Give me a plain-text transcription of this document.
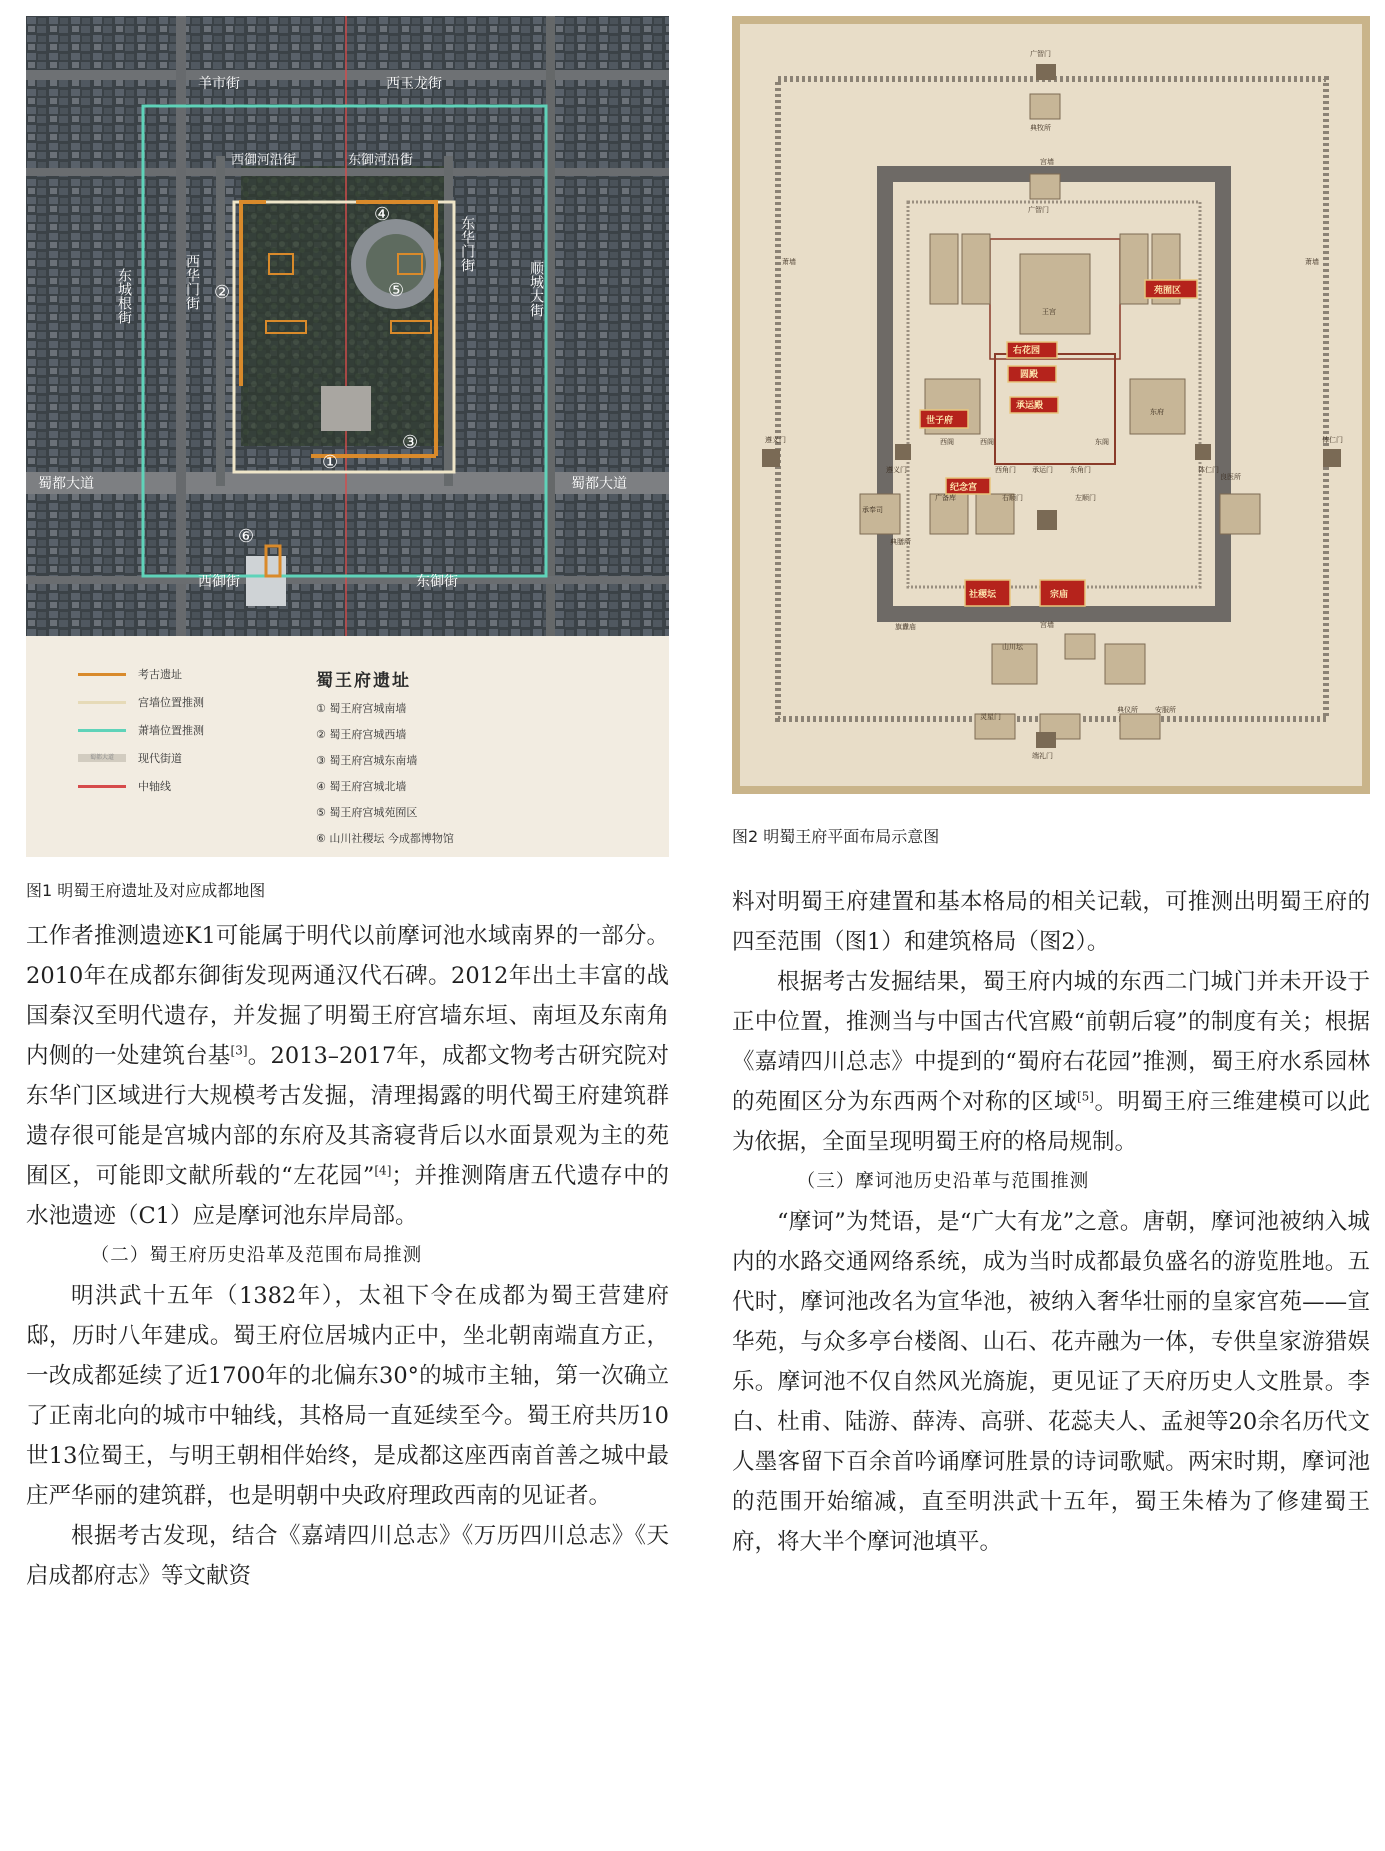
羊市街	西玉龙街
西御河沿街	东御河沿街
东城根街	西华门街
东华门街
顺城大街
蜀都大道	蜀都大道
西御街	东御街
①
②
③
④
⑤
⑥
考古遗址
宫墙位置推测
萧墙位置推测
蜀都大道	现代街道
中轴线
蜀王府遗址
① 蜀王府宫城南墙
② 蜀王府宫城西墙
③ 蜀王府宫城东南墙
④ 蜀王府宫城北墙
⑤ 蜀王府宫城苑囿区
⑥ 山川社稷坛 今成都博物馆
图1 明蜀王府遗址及对应成都地图
广智门
典牧所
广智门
王宫
西阁
东府
西阁	东阁
西角门 承运门 东角门
遵义门	体仁门
广备库	右顺门	左顺门
承奉司
典膳所
山川坛
旗纛庙
典仪所 安服所
灵星门
端礼门
遵义门	体仁门
良医所
萧墙	萧墙
宫墙
宫墙
右花园
圆殿
承运殿
世子府
纪念宫
苑囿区
社稷坛	宗庙
图2 明蜀王府平面布局示意图

工作者推测遗迹K1可能属于明代以前摩诃池水域南界的一部分。2010年在成都东御街发现两通汉代石碑。2012年出土丰富的战国秦汉至明代遗存，并发掘了明蜀王府宫墙东垣、南垣及东南角内侧的一处建筑台基[3]。2013–2017年，成都文物考古研究院对东华门区域进行大规模考古发掘，清理揭露的明代蜀王府建筑群遗存很可能是宫城内部的东府及其斋寝背后以水面景观为主的苑囿区，可能即文献所载的“左花园”[4]；并推测隋唐五代遗存中的水池遗迹（C1）应是摩诃池东岸局部。

（二）蜀王府历史沿革及范围布局推测

明洪武十五年（1382年），太祖下令在成都为蜀王营建府邸，历时八年建成。蜀王府位居城内正中，坐北朝南端直方正，一改成都延续了近1700年的北偏东30°的城市主轴，第一次确立了正南北向的城市中轴线，其格局一直延续至今。蜀王府共历10世13位蜀王，与明王朝相伴始终，是成都这座西南首善之城中最庄严华丽的建筑群，也是明朝中央政府理政西南的见证者。

根据考古发现，结合《嘉靖四川总志》《万历四川总志》《天启成都府志》等文献资

料对明蜀王府建置和基本格局的相关记载，可推测出明蜀王府的四至范围（图1）和建筑格局（图2）。

根据考古发掘结果，蜀王府内城的东西二门城门并未开设于正中位置，推测当与中国古代宫殿“前朝后寝”的制度有关；根据《嘉靖四川总志》中提到的“蜀府右花园”推测，蜀王府水系园林的苑囿区分为东西两个对称的区域[5]。明蜀王府三维建模可以此为依据，全面呈现明蜀王府的格局规制。

（三）摩诃池历史沿革与范围推测

“摩诃”为梵语，是“广大有龙”之意。唐朝，摩诃池被纳入城内的水路交通网络系统，成为当时成都最负盛名的游览胜地。五代时，摩诃池改名为宣华池，被纳入奢华壮丽的皇家宫苑——宣华苑，与众多亭台楼阁、山石、花卉融为一体，专供皇家游猎娱乐。摩诃池不仅自然风光旖旎，更见证了天府历史人文胜景。李白、杜甫、陆游、薛涛、高骈、花蕊夫人、孟昶等20余名历代文人墨客留下百余首吟诵摩诃胜景的诗词歌赋。两宋时期，摩诃池的范围开始缩减，直至明洪武十五年，蜀王朱椿为了修建蜀王府，将大半个摩诃池填平。
